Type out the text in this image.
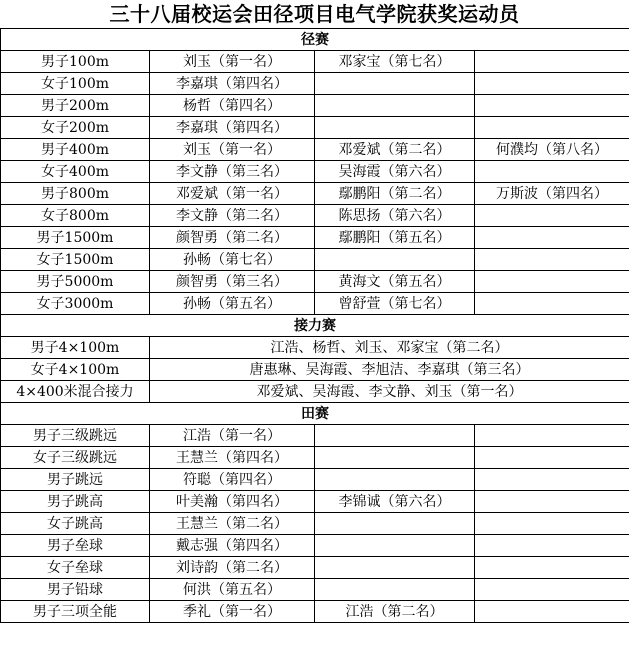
三十八届校运会田径项目电气学院获奖运动员
径赛			
男子100m	刘玉（第一名）	邓家宝（第七名）	
女子100m	李嘉琪（第四名）		
男子200m	杨哲（第四名）		
女子200m	李嘉琪（第四名）		
男子400m	刘玉（第一名）	邓爱斌（第二名）	何濮均（第八名）
女子400m	李文静（第三名）	吴海霞（第六名）	
男子800m	邓爱斌（第一名）	鄢鹏阳（第二名）	万斯波（第四名）
女子800m	李文静（第二名）	陈思扬（第六名）	
男子1500m	颜智勇（第二名）	鄢鹏阳（第五名）	
女子1500m	孙畅（第七名）		
男子5000m	颜智勇（第三名）	黄海文（第五名）	
女子3000m	孙畅（第五名）	曾舒萱（第七名）	
接力赛			
男子4×100m	江浩、杨哲、刘玉、邓家宝（第二名）		
女子4×100m	唐惠琳、吴海霞、李旭洁、李嘉琪（第三名）		
4×400米混合接力	邓爱斌、吴海霞、李文静、刘玉（第一名）		
田赛			
男子三级跳远	江浩（第一名）		
女子三级跳远	王慧兰（第四名）		
男子跳远	符聪（第四名）		
男子跳高	叶美瀚（第四名）	李锦诚（第六名）	
女子跳高	王慧兰（第二名）		
男子垒球	戴志强（第四名）		
女子垒球	刘诗韵（第二名）		
男子铅球	何洪（第五名）		
男子三项全能	季礼（第一名）	江浩（第二名）	
